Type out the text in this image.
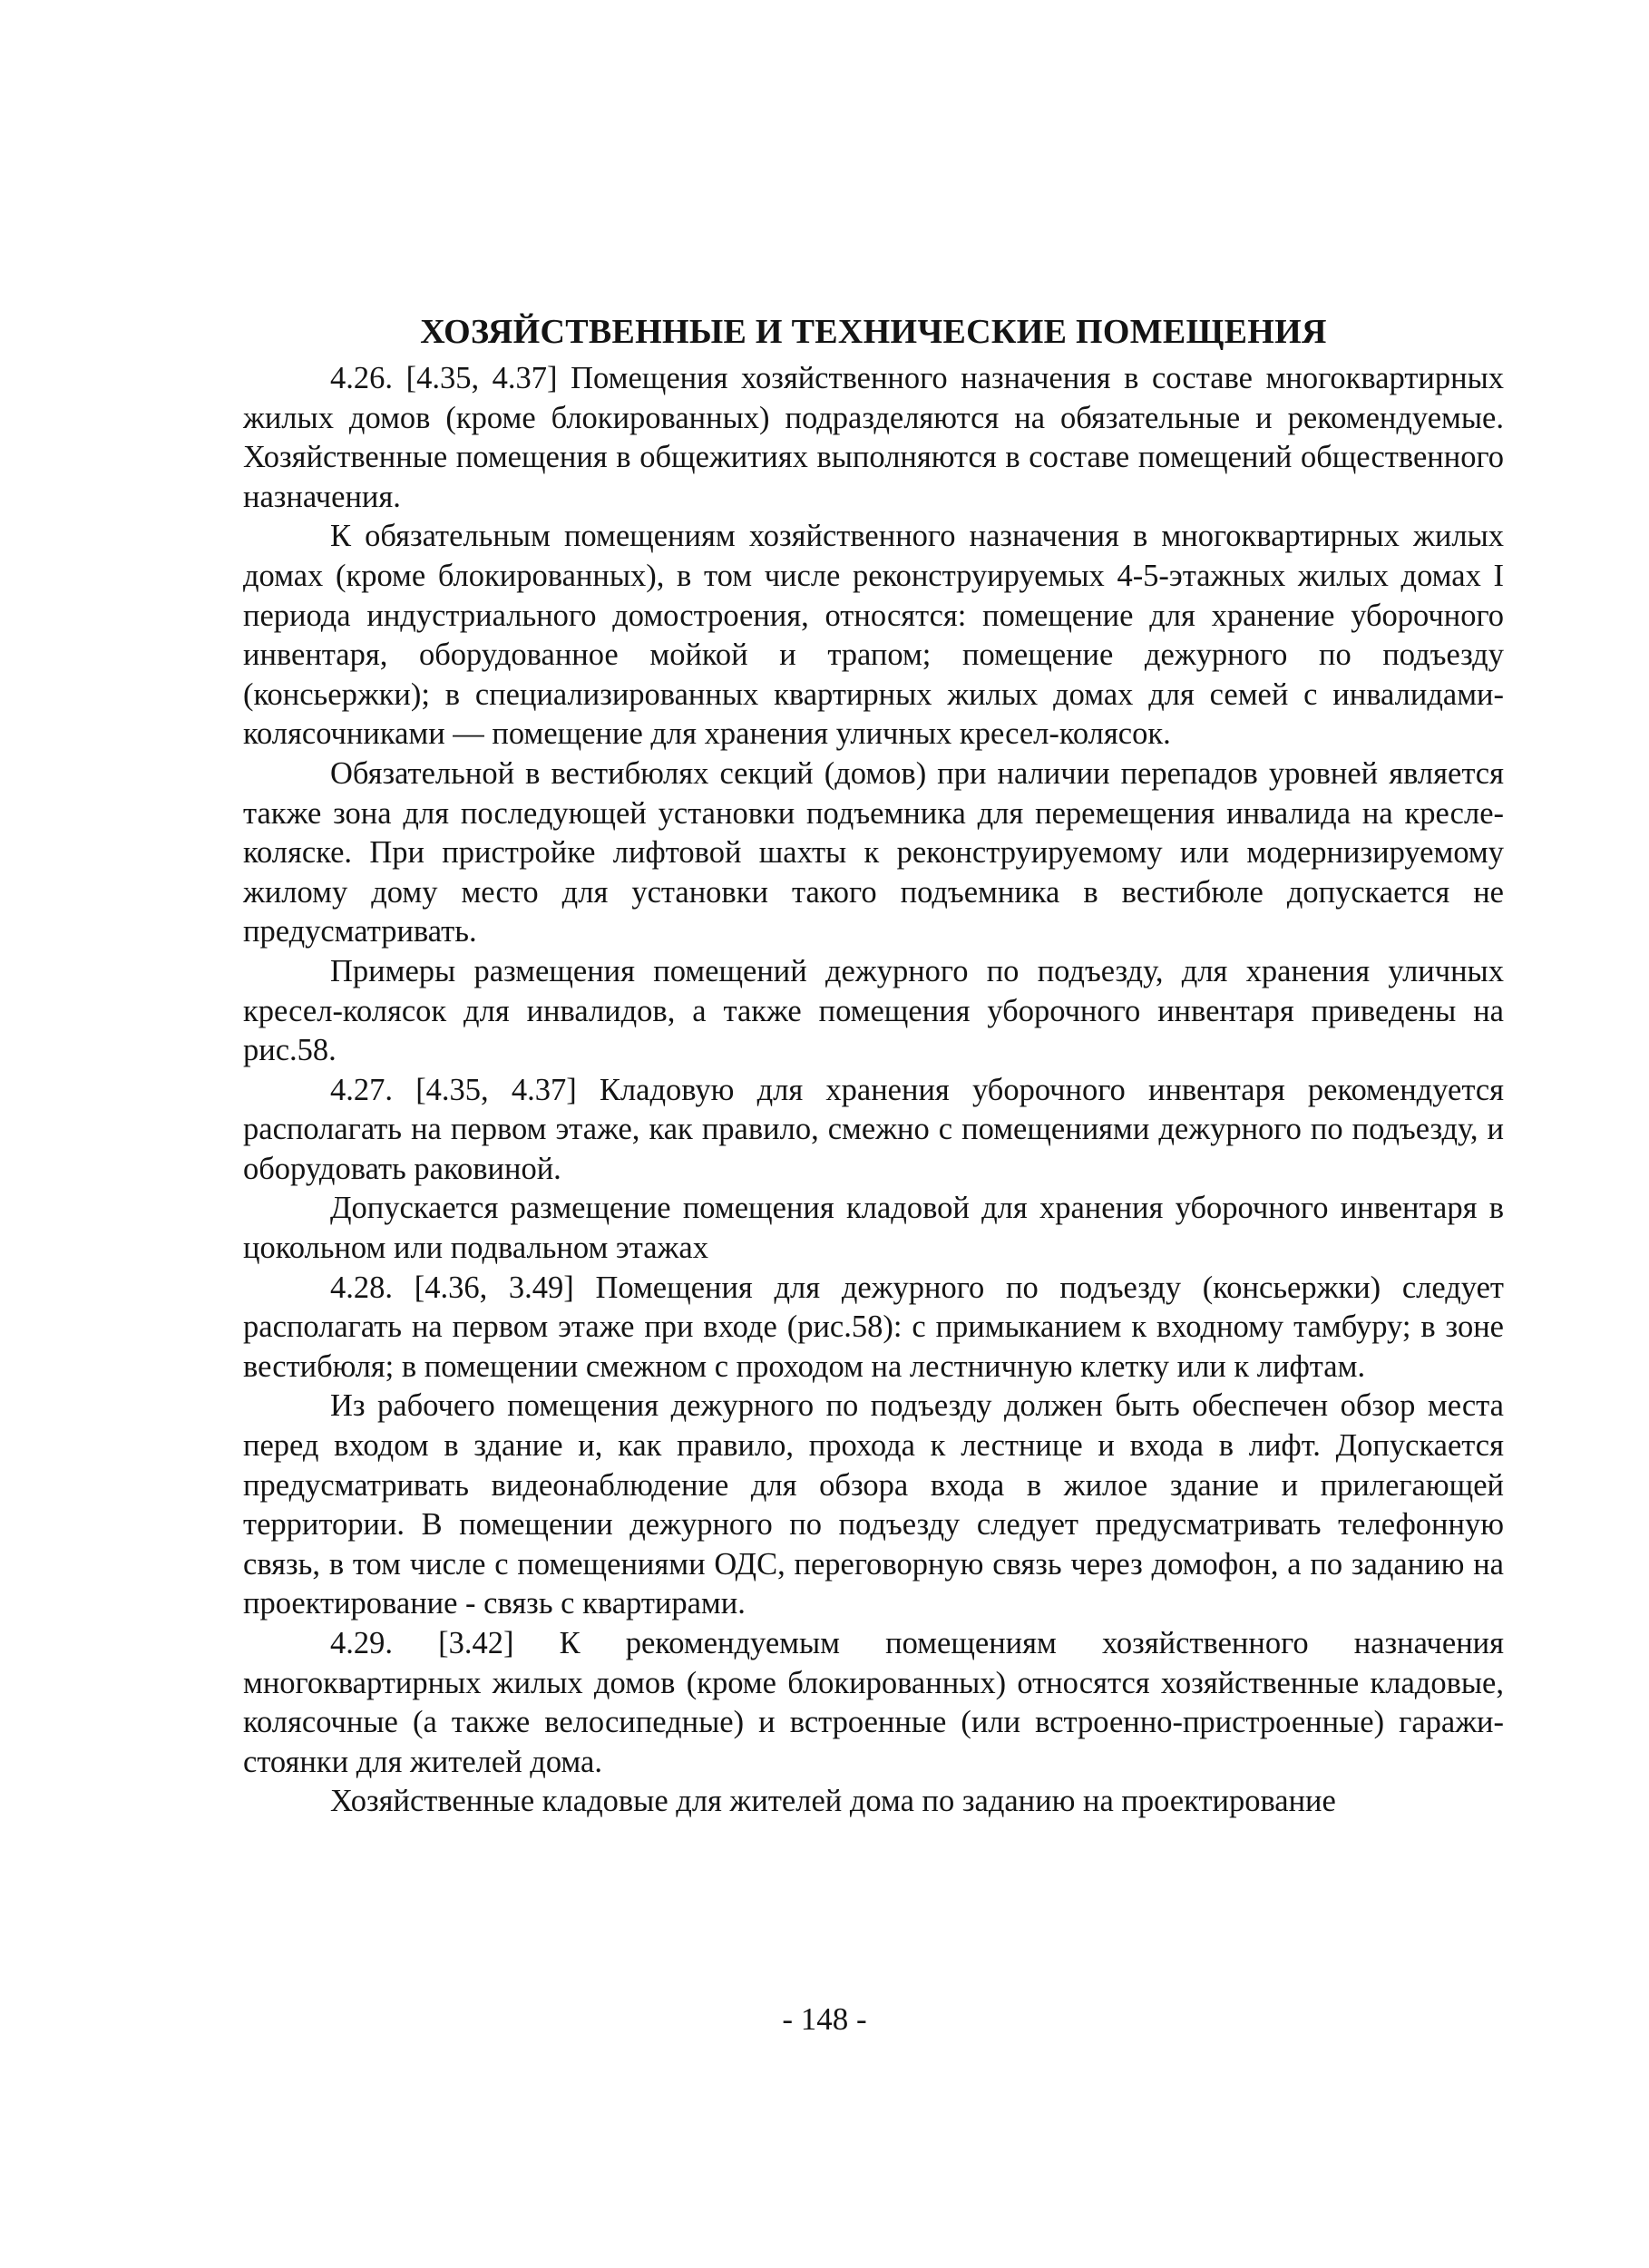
ХОЗЯЙСТВЕННЫЕ И ТЕХНИЧЕСКИЕ ПОМЕЩЕНИЯ

4.26. [4.35, 4.37] Помещения хозяйственного назначения в составе многоквартирных жилых домов (кроме блокированных) подразделяются на обязательные и рекомендуемые. Хозяйственные помещения в общежитиях выполняются в составе помещений общественного назначения.

К обязательным помещениям хозяйственного назначения в многоквартирных жилых домах (кроме блокированных), в том числе реконструируемых 4-5-этажных жилых домах I периода индустриального домостроения, относятся: помещение для хранение уборочного инвентаря, оборудованное мойкой и трапом; помещение дежурного по подъезду (консьержки); в специализированных квартирных жилых домах для семей с инвалидами-колясочниками — помещение для хранения уличных кресел-колясок.

Обязательной в вестибюлях секций (домов) при наличии перепадов уровней является также зона для последующей установки подъемника для перемещения инвалида на кресле-коляске. При пристройке лифтовой шахты к реконструируемому или модернизируемому жилому дому место для установки такого подъемника в вестибюле допускается не предусматривать.

Примеры размещения помещений дежурного по подъезду, для хранения уличных кресел-колясок для инвалидов, а также помещения уборочного инвентаря приведены на рис.58.

4.27. [4.35, 4.37] Кладовую для хранения уборочного инвентаря рекомендуется располагать на первом этаже, как правило, смежно с помещениями дежурного по подъезду, и оборудовать раковиной.

Допускается размещение помещения кладовой для хранения уборочного инвентаря в цокольном или подвальном этажах

4.28. [4.36, 3.49] Помещения для дежурного по подъезду (консьержки) следует располагать на первом этаже при входе (рис.58): с примыканием к входному тамбуру; в зоне вестибюля; в помещении смежном с проходом на лестничную клетку или к лифтам.

Из рабочего помещения дежурного по подъезду должен быть обеспечен обзор места перед входом в здание и, как правило, прохода к лестнице и входа в лифт. Допускается предусматривать видеонаблюдение для обзора входа в жилое здание и прилегающей территории. В помещении дежурного по подъезду следует предусматривать телефонную связь, в том числе с помещениями ОДС, переговорную связь через домофон, а по заданию на проектирование - связь с квартирами.

4.29. [3.42] К рекомендуемым помещениям хозяйственного назначения многоквартирных жилых домов (кроме блокированных) относятся хозяйственные кладовые, колясочные (а также велосипедные) и встроенные (или встроенно-пристроенные) гаражи-стоянки для жителей дома.

Хозяйственные кладовые для жителей дома по заданию на проектирование

- 148 -
